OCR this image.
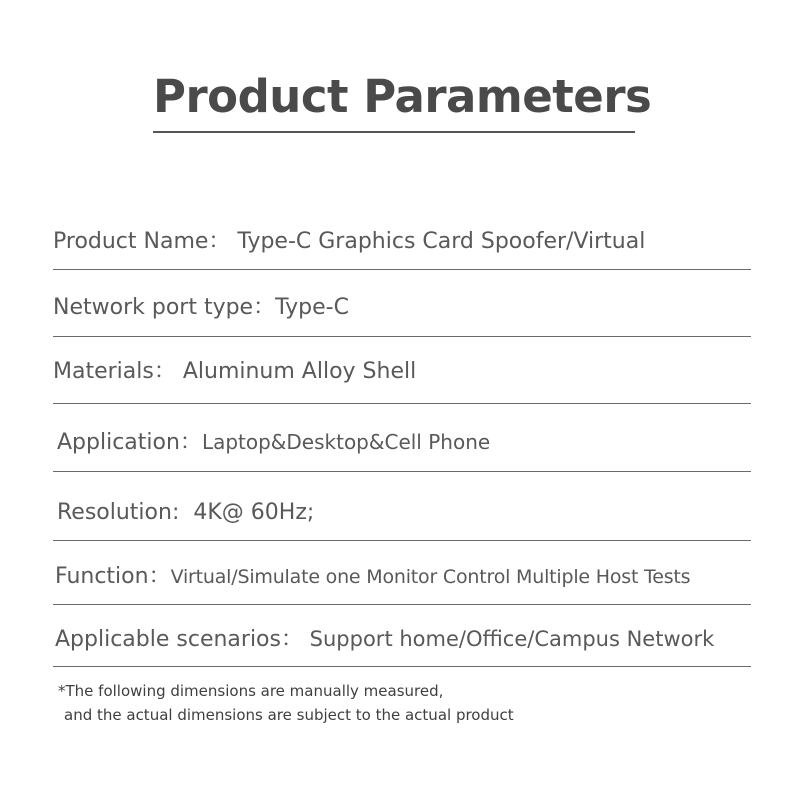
Product Parameters
Product Name： Type-C Graphics Card Spoofer/Virtual
Network port type：Type-C
Materials： Aluminum Alloy Shell
Application：Laptop&Desktop&Cell Phone
Resolution:  4K@ 60Hz;
Function：Virtual/Simulate one Monitor Control Multiple Host Tests
Applicable scenarios： Support home/Office/Campus Network
*The following dimensions are manually measured,
and the actual dimensions are subject to the actual product
